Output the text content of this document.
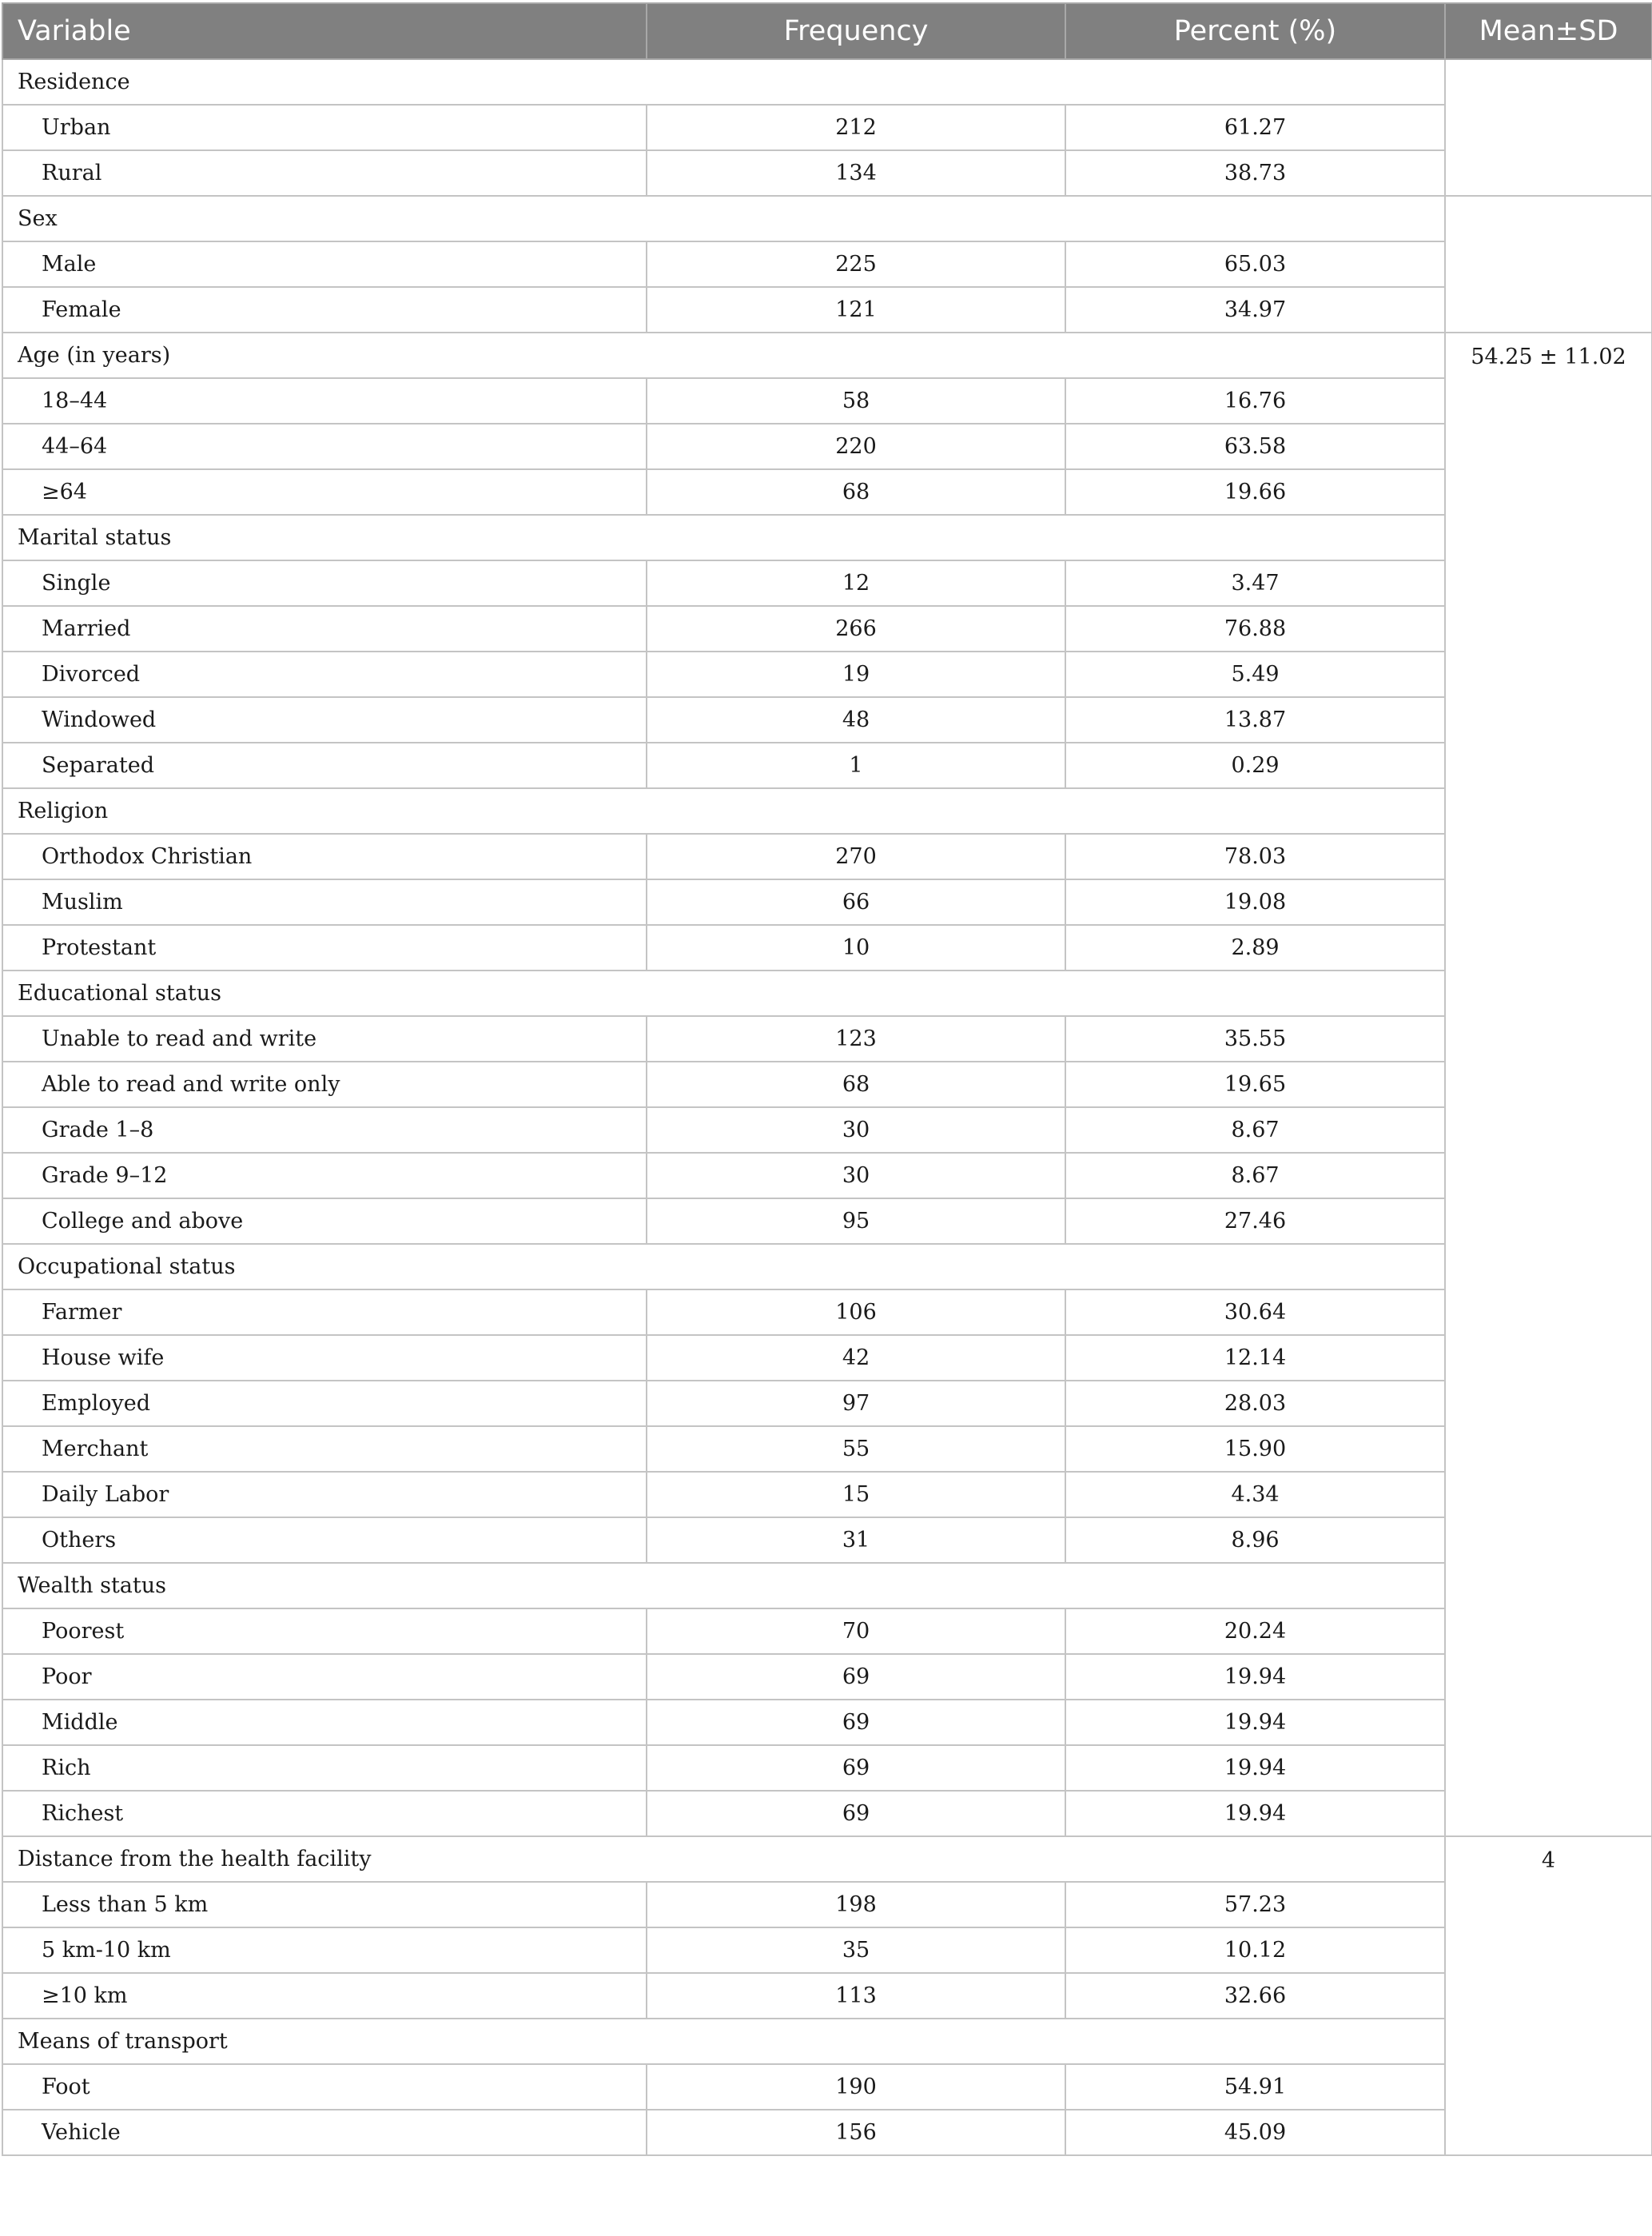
Variable	Frequency	Percent (%)	Mean±SD
Residence			
Urban	212	61.27	
Rural	134	38.73	
Sex			
Male	225	65.03	
Female	121	34.97	
Age (in years)			54.25 ± 11.02
18–44	58	16.76	
44–64	220	63.58	
≥64	68	19.66	
Marital status			
Single	12	3.47	
Married	266	76.88	
Divorced	19	5.49	
Windowed	48	13.87	
Separated	1	0.29	
Religion			
Orthodox Christian	270	78.03	
Muslim	66	19.08	
Protestant	10	2.89	
Educational status			
Unable to read and write	123	35.55	
Able to read and write only	68	19.65	
Grade 1–8	30	8.67	
Grade 9–12	30	8.67	
College and above	95	27.46	
Occupational status			
Farmer	106	30.64	
House wife	42	12.14	
Employed	97	28.03	
Merchant	55	15.90	
Daily Labor	15	4.34	
Others	31	8.96	
Wealth status			
Poorest	70	20.24	
Poor	69	19.94	
Middle	69	19.94	
Rich	69	19.94	
Richest	69	19.94	
Distance from the health facility			4
Less than 5 km	198	57.23	
5 km-10 km	35	10.12	
≥10 km	113	32.66	
Means of transport			
Foot	190	54.91	
Vehicle	156	45.09	
